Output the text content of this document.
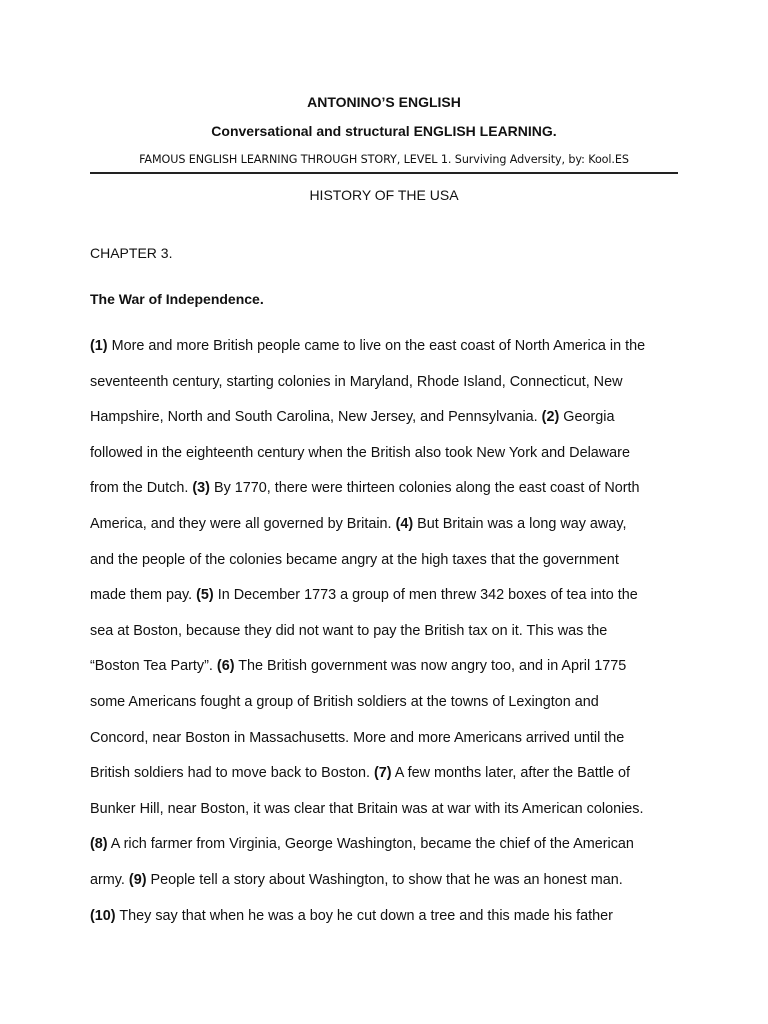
ANTONINO’S ENGLISH
Conversational and structural ENGLISH LEARNING.
FAMOUS ENGLISH LEARNING THROUGH STORY, LEVEL 1. Surviving Adversity, by: Kool.ES
HISTORY OF THE USA
CHAPTER 3.
The War of Independence.
(1) More and more British people came to live on the east coast of North America in the
seventeenth century, starting colonies in Maryland, Rhode Island, Connecticut, New
Hampshire, North and South Carolina, New Jersey, and Pennsylvania. (2) Georgia
followed in the eighteenth century when the British also took New York and Delaware
from the Dutch. (3) By 1770, there were thirteen colonies along the east coast of North
America, and they were all governed by Britain. (4) But Britain was a long way away,
and the people of the colonies became angry at the high taxes that the government
made them pay. (5) In December 1773 a group of men threw 342 boxes of tea into the
sea at Boston, because they did not want to pay the British tax on it. This was the
“Boston Tea Party”. (6) The British government was now angry too, and in April 1775
some Americans fought a group of British soldiers at the towns of Lexington and
Concord, near Boston in Massachusetts. More and more Americans arrived until the
British soldiers had to move back to Boston. (7) A few months later, after the Battle of
Bunker Hill, near Boston, it was clear that Britain was at war with its American colonies.
(8) A rich farmer from Virginia, George Washington, became the chief of the American
army. (9) People tell a story about Washington, to show that he was an honest man.
(10) They say that when he was a boy he cut down a tree and this made his father
